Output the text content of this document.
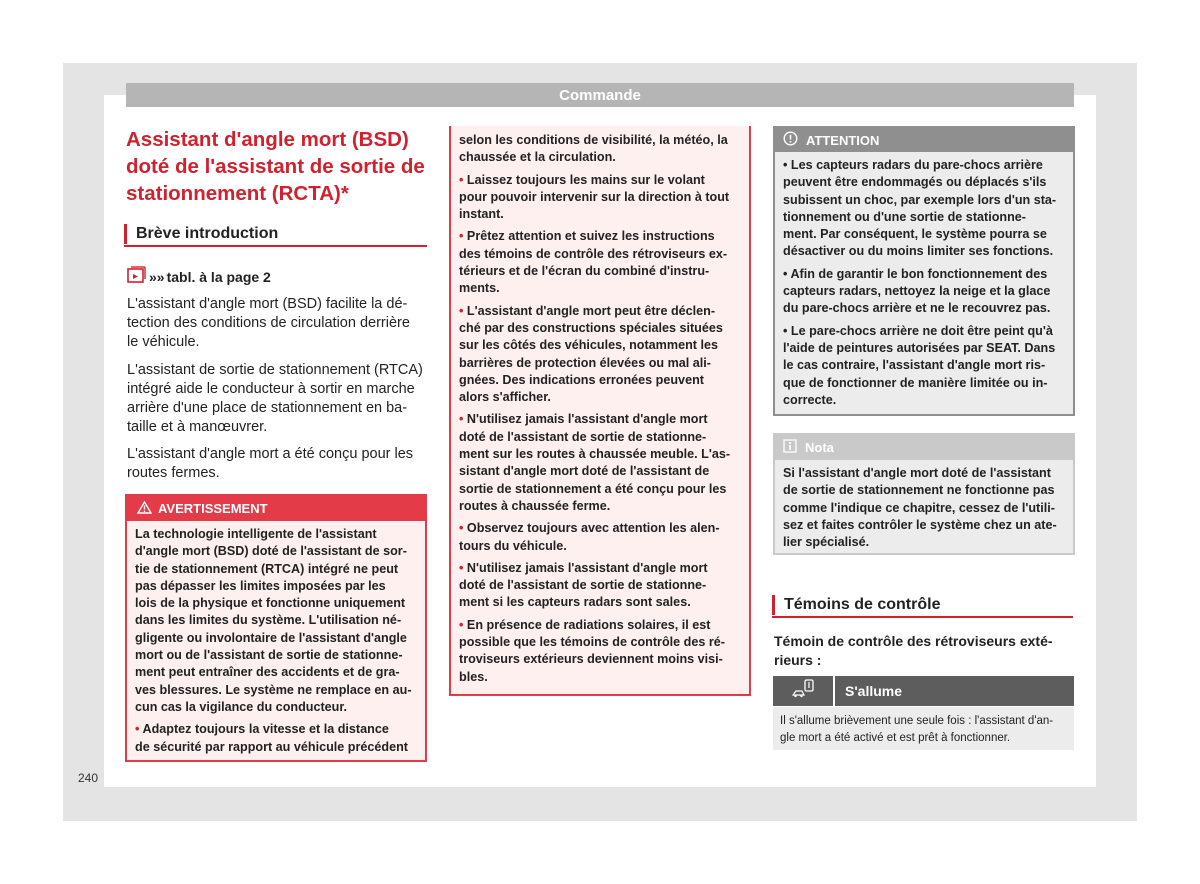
Commande

Assistant d'angle mort (BSD)

doté de l'assistant de sortie de

stationnement (RCTA)*

Brève introduction
»» tabl. à la page 2

L'assistant d'angle mort (BSD) facilite la dé-
tection des conditions de circulation derrière
le véhicule.

L'assistant de sortie de stationnement (RTCA)
intégré aide le conducteur à sortir en marche
arrière d'une place de stationnement en ba-
taille et à manœuvrer.

L'assistant d'angle mort a été conçu pour les
routes fermes.

AVERTISSEMENT

La technologie intelligente de l'assistant
d'angle mort (BSD) doté de l'assistant de sor-
tie de stationnement (RTCA) intégré ne peut
pas dépasser les limites imposées par les
lois de la physique et fonctionne uniquement
dans les limites du système. L'utilisation né-
gligente ou involontaire de l'assistant d'angle
mort ou de l'assistant de sortie de stationne-
ment peut entraîner des accidents et de gra-
ves blessures. Le système ne remplace en au-
cun cas la vigilance du conducteur.

• Adaptez toujours la vitesse et la distance
de sécurité par rapport au véhicule précédent

selon les conditions de visibilité, la météo, la
chaussée et la circulation.

• Laissez toujours les mains sur le volant
pour pouvoir intervenir sur la direction à tout
instant.

• Prêtez attention et suivez les instructions
des témoins de contrôle des rétroviseurs ex-
térieurs et de l'écran du combiné d'instru-
ments.

• L'assistant d'angle mort peut être déclen-
ché par des constructions spéciales situées
sur les côtés des véhicules, notamment les
barrières de protection élevées ou mal ali-
gnées. Des indications erronées peuvent
alors s'afficher.

• N'utilisez jamais l'assistant d'angle mort
doté de l'assistant de sortie de stationne-
ment sur les routes à chaussée meuble. L'as-
sistant d'angle mort doté de l'assistant de
sortie de stationnement a été conçu pour les
routes à chaussée ferme.

• Observez toujours avec attention les alen-
tours du véhicule.

• N'utilisez jamais l'assistant d'angle mort
doté de l'assistant de sortie de stationne-
ment si les capteurs radars sont sales.

• En présence de radiations solaires, il est
possible que les témoins de contrôle des ré-
troviseurs extérieurs deviennent moins visi-
bles.

ATTENTION

• Les capteurs radars du pare-chocs arrière
peuvent être endommagés ou déplacés s'ils
subissent un choc, par exemple lors d'un sta-
tionnement ou d'une sortie de stationne-
ment. Par conséquent, le système pourra se
désactiver ou du moins limiter ses fonctions.

• Afin de garantir le bon fonctionnement des
capteurs radars, nettoyez la neige et la glace
du pare-chocs arrière et ne le recouvrez pas.

• Le pare-chocs arrière ne doit être peint qu'à
l'aide de peintures autorisées par SEAT. Dans
le cas contraire, l'assistant d'angle mort ris-
que de fonctionner de manière limitée ou in-
correcte.

Nota
Si l'assistant d'angle mort doté de l'assistant
de sortie de stationnement ne fonctionne pas
comme l'indique ce chapitre, cessez de l'utili-
sez et faites contrôler le système chez un ate-
lier spécialisé.
Témoins de contrôle
Témoin de contrôle des rétroviseurs exté-
rieurs :
S'allume
Il s'allume brièvement une seule fois : l'assistant d'an-
gle mort a été activé et est prêt à fonctionner.
240
